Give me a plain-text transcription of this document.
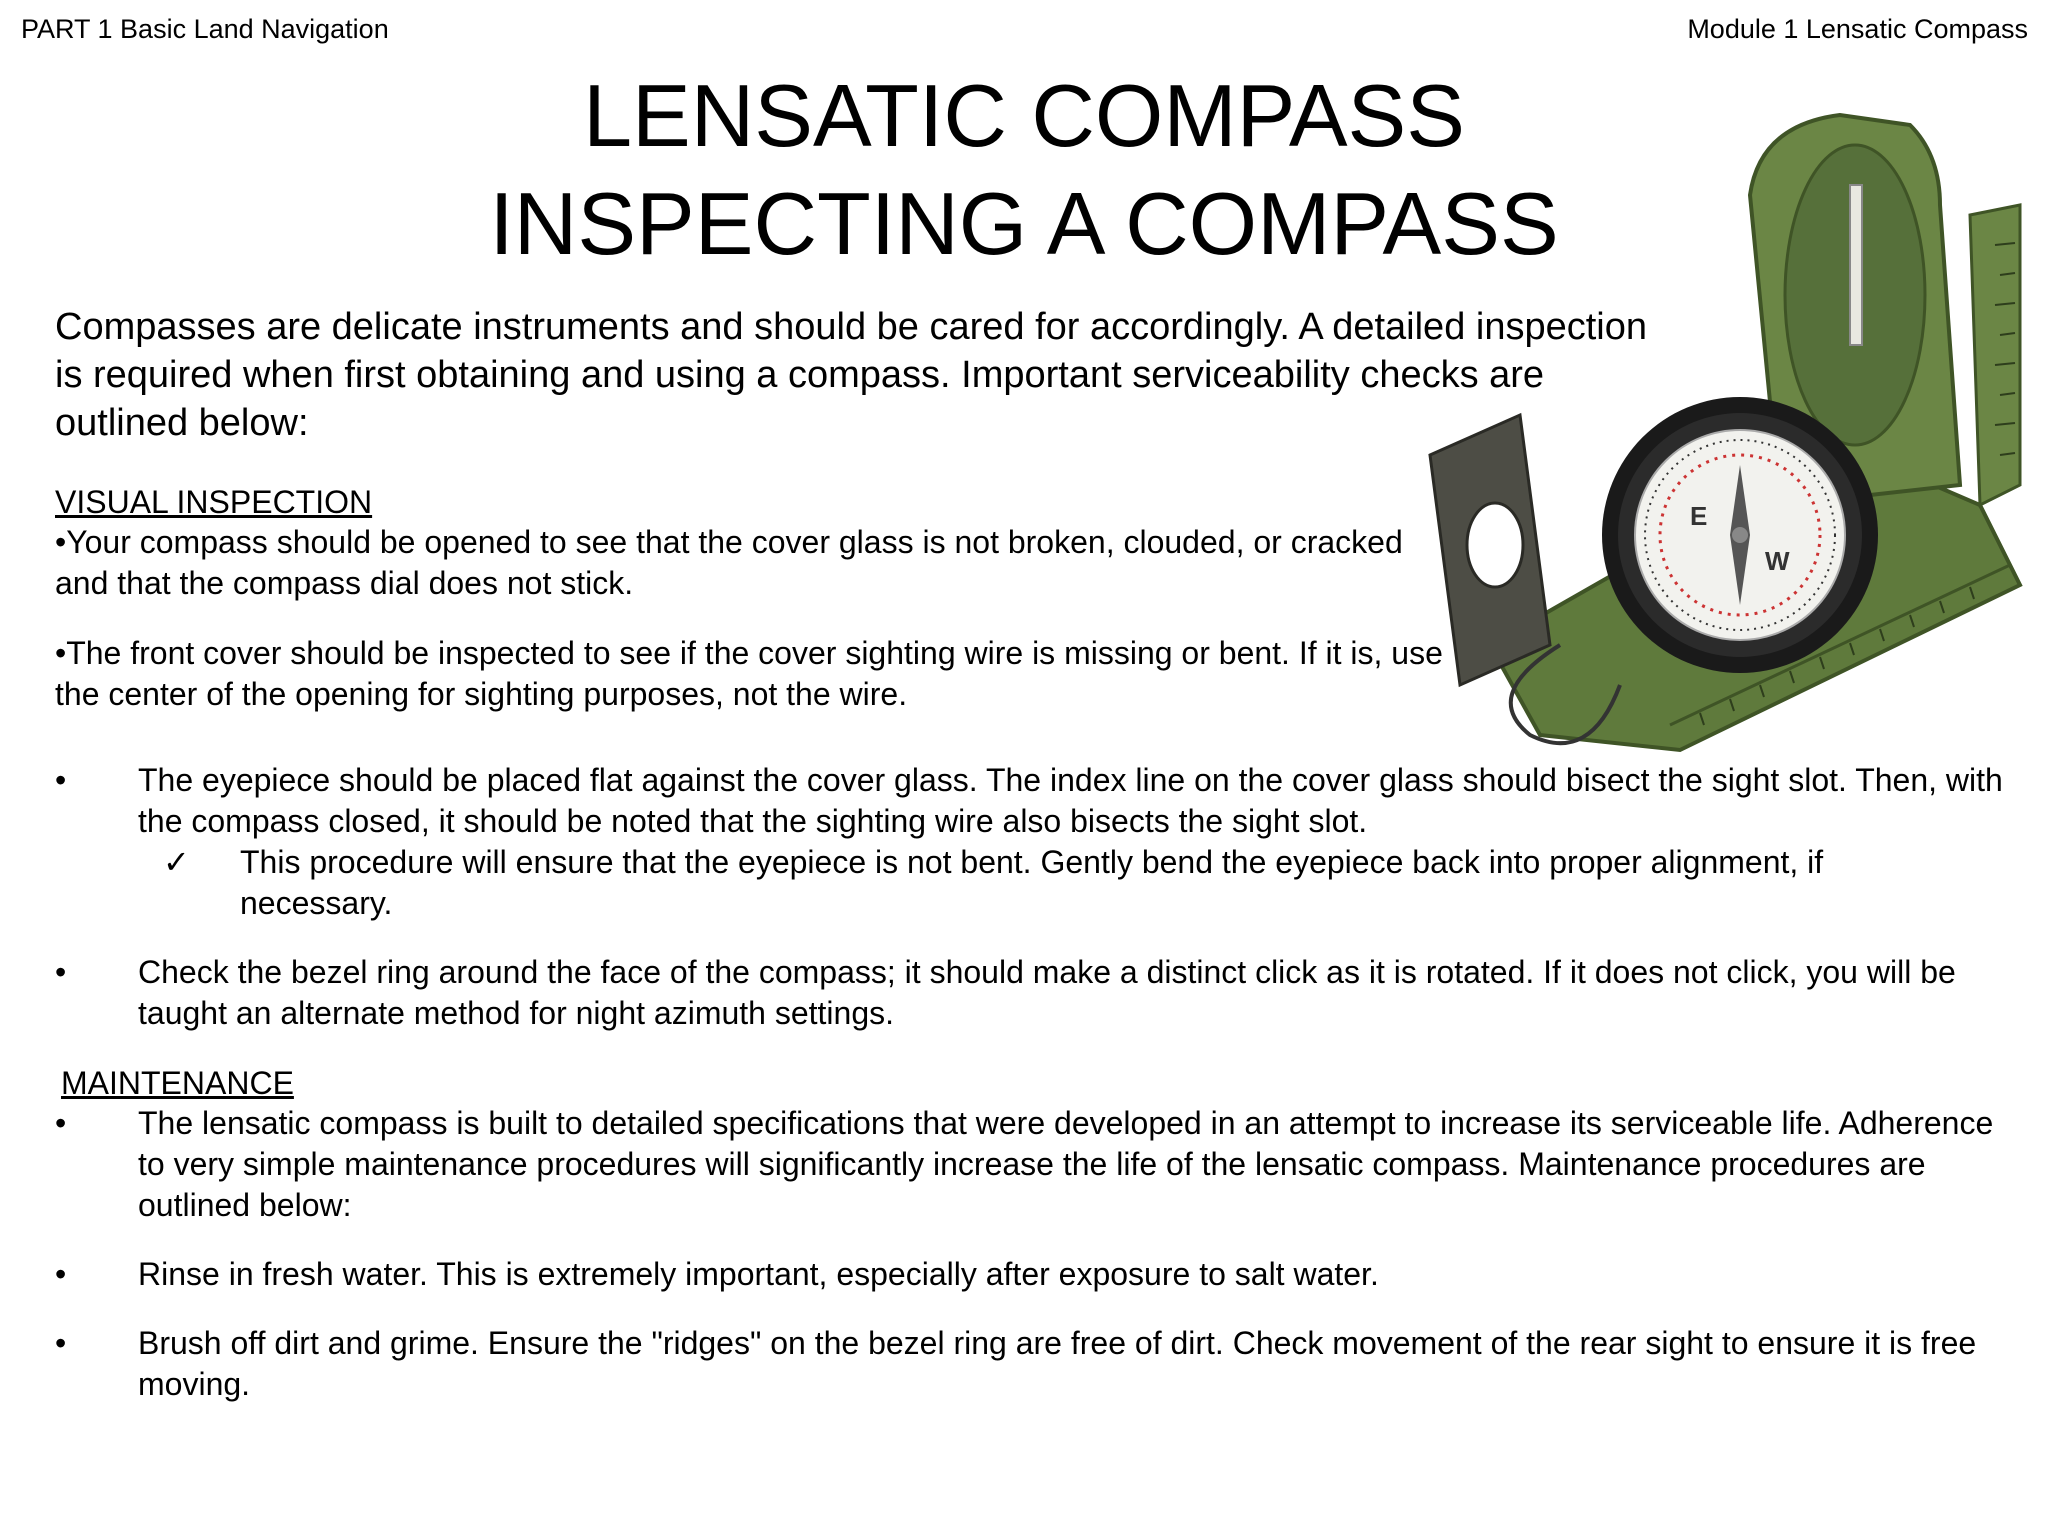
PART 1 Basic Land Navigation	Module 1 Lensatic Compass
LENSATIC COMPASS
INSPECTING A COMPASS
E
W
Compasses are delicate instruments and should be cared for accordingly. A detailed inspection is required when first obtaining and using a compass. Important serviceability checks are outlined below:
VISUAL INSPECTION
•Your compass should be opened to see that the cover glass is not broken, clouded, or cracked and that the compass dial does not stick.
•The front cover should be inspected to see if the cover sighting wire is missing or bent. If it is, use the center of the opening for sighting purposes, not the wire.
•	The eyepiece should be placed flat against the cover glass. The index line on the cover glass should bisect the sight slot. Then, with the compass closed, it should be noted that the sighting wire also bisects the sight slot.
✓ This procedure will ensure that the eyepiece is not bent. Gently bend the eyepiece back into proper alignment, if necessary.
•	Check the bezel ring around the face of the compass; it should make a distinct click as it is rotated. If it does not click, you will be taught an alternate method for night azimuth settings.
MAINTENANCE
•	The lensatic compass is built to detailed specifications that were developed in an attempt to increase its serviceable life. Adherence to very simple maintenance procedures will significantly increase the life of the lensatic compass. Maintenance procedures are outlined below:
•	Rinse in fresh water. This is extremely important, especially after exposure to salt water.
•	Brush off dirt and grime. Ensure the "ridges" on the bezel ring are free of dirt. Check movement of the rear sight to ensure it is free moving.
